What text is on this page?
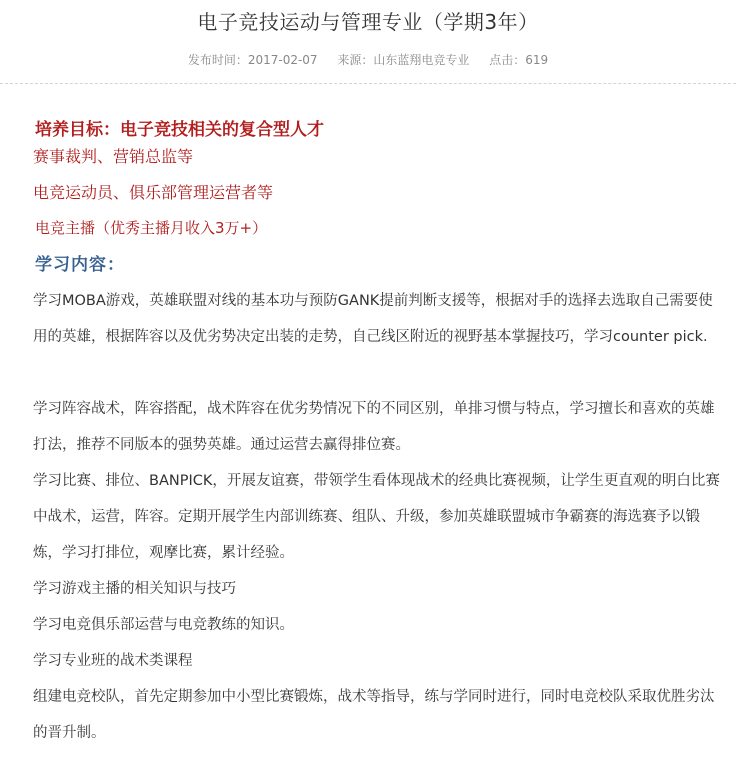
电子竞技运动与管理专业（学期3年）
发布时间：2017-02-07 来源：山东蓝翔电竞专业 点击：619
培养目标：电子竞技相关的复合型人才
赛事裁判、营销总监等
电竞运动员、俱乐部管理运营者等
电竞主播（优秀主播月收入3万+）
学习内容：
学习MOBA游戏，英雄联盟对线的基本功与预防GANK提前判断支援等，根据对手的选择去选取自己需要使用的英雄，根据阵容以及优劣势决定出装的走势，自己线区附近的视野基本掌握技巧，学习counter pick.
学习阵容战术，阵容搭配，战术阵容在优劣势情况下的不同区别，单排习惯与特点，学习擅长和喜欢的英雄打法，推荐不同版本的强势英雄。通过运营去赢得排位赛。
学习比赛、排位、BANPICK，开展友谊赛，带领学生看体现战术的经典比赛视频，让学生更直观的明白比赛中战术，运营，阵容。定期开展学生内部训练赛、组队、升级，参加英雄联盟城市争霸赛的海选赛予以锻炼，学习打排位，观摩比赛，累计经验。
学习游戏主播的相关知识与技巧
学习电竞俱乐部运营与电竞教练的知识。
学习专业班的战术类课程
组建电竞校队，首先定期参加中小型比赛锻炼，战术等指导，练与学同时进行，同时电竞校队采取优胜劣汰的晋升制。
